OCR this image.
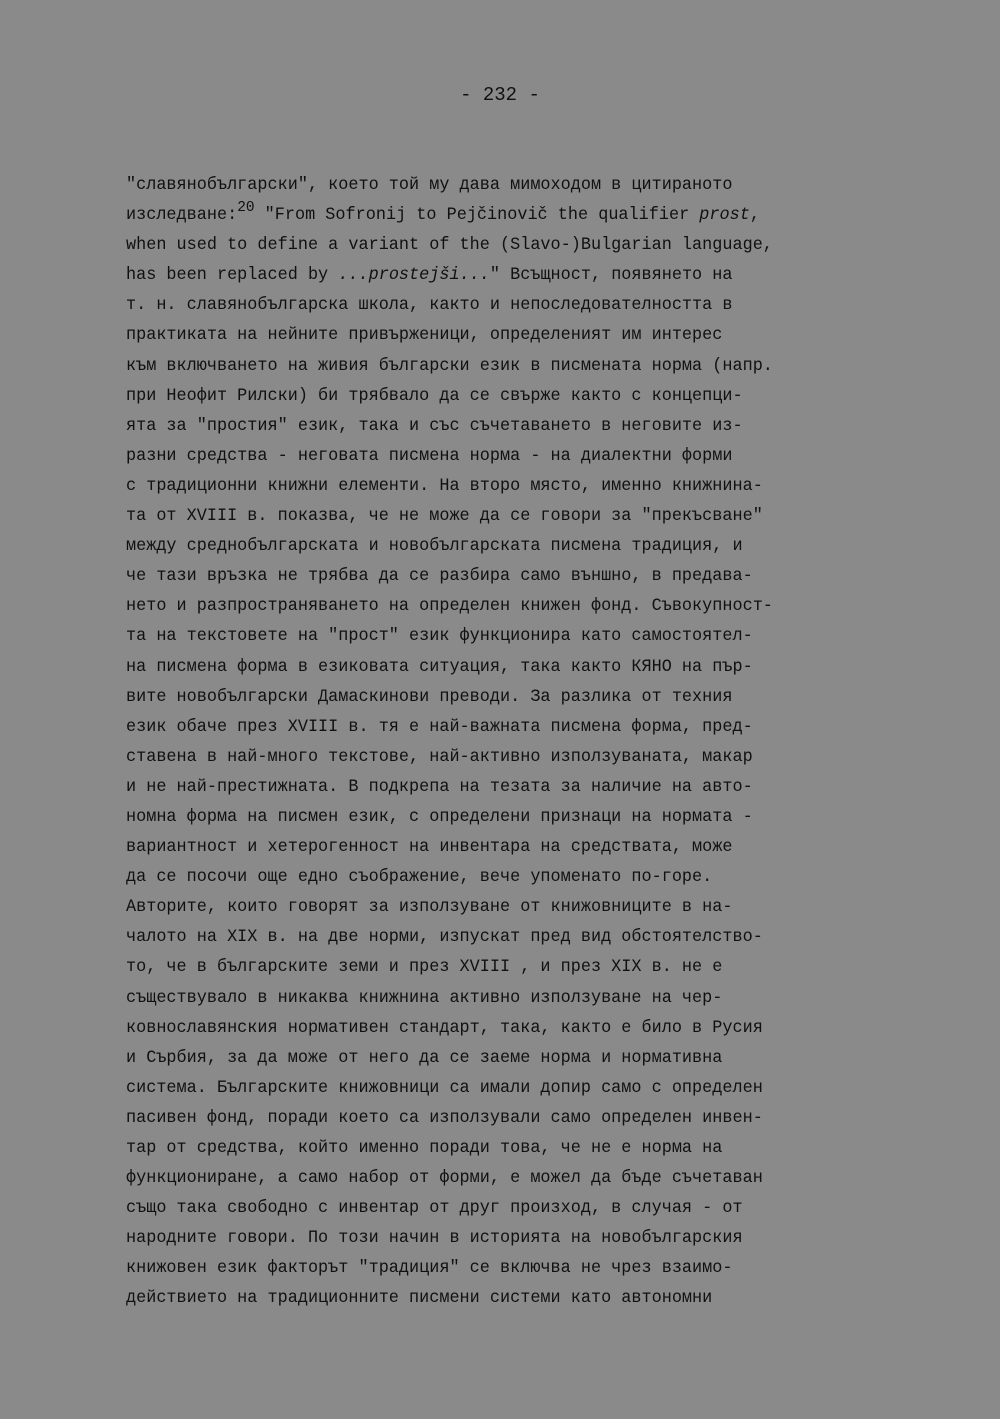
- 232 -
"славянобългарски", което той му дава мимоходом в цитираното
изследване:$^{20}$ "From Sofronij to Pejčinovič the qualifier prost,
when used to define a variant of the (Slavo-)Bulgarian language,
has been replaced by ...prostejši..." Всъщност, появянето на
т. н. славянобългарска школа, както и непоследователността в
практиката на нейните привърженици, определеният им интерес
към включването на живия български език в писмената норма (напр.
при Неофит Рилски) би трябвало да се свърже както с концепци-
ята за "простия" език, така и със съчетаването в неговите из-
разни средства - неговата писмена норма - на диалектни форми
с традиционни книжни елементи. На второ място, именно книжнина-
та от XVIII в. показва, че не може да се говори за "прекъсване"
между среднобългарската и новобългарската писмена традиция, и
че тази връзка не трябва да се разбира само външно, в предава-
нето и разпространяването на определен книжен фонд. Съвокупност-
та на текстовете на "прост" език функционира като самостоятел-
на писмена форма в езиковата ситуация, така както КЯНО на пър-
вите новобългарски Дамаскинови преводи. За разлика от техния
език обаче през XVIII в. тя е най-важната писмена форма, пред-
ставена в най-много текстове, най-активно използуваната, макар
и не най-престижната. В подкрепа на тезата за наличие на авто-
номна форма на писмен език, с определени признаци на нормата -
вариантност и хетерогенност на инвентара на средствата, може
да се посочи още едно съображение, вече упоменато по-горе.
Авторите, които говорят за използуване от книжовниците в на-
чалото на XIX в. на две норми, изпускат пред вид обстоятелство-
то, че в българските земи и през XVIII , и през XIX в. не е
съществувало в никаква книжнина активно използуване на чер-
ковнославянския нормативен стандарт, така, както е било в Русия
и Сърбия, за да може от него да се заеме норма и нормативна
система. Българските книжовници са имали допир само с определен
пасивен фонд, поради което са използували само определен инвен-
тар от средства, който именно поради това, че не е норма на
функциониране, а само набор от форми, е можел да бъде съчетаван
също така свободно с инвентар от друг произход, в случая - от
народните говори. По този начин в историята на новобългарския
книжовен език факторът "традиция" се включва не чрез взаимо-
действието на традиционните писмени системи като автономни
